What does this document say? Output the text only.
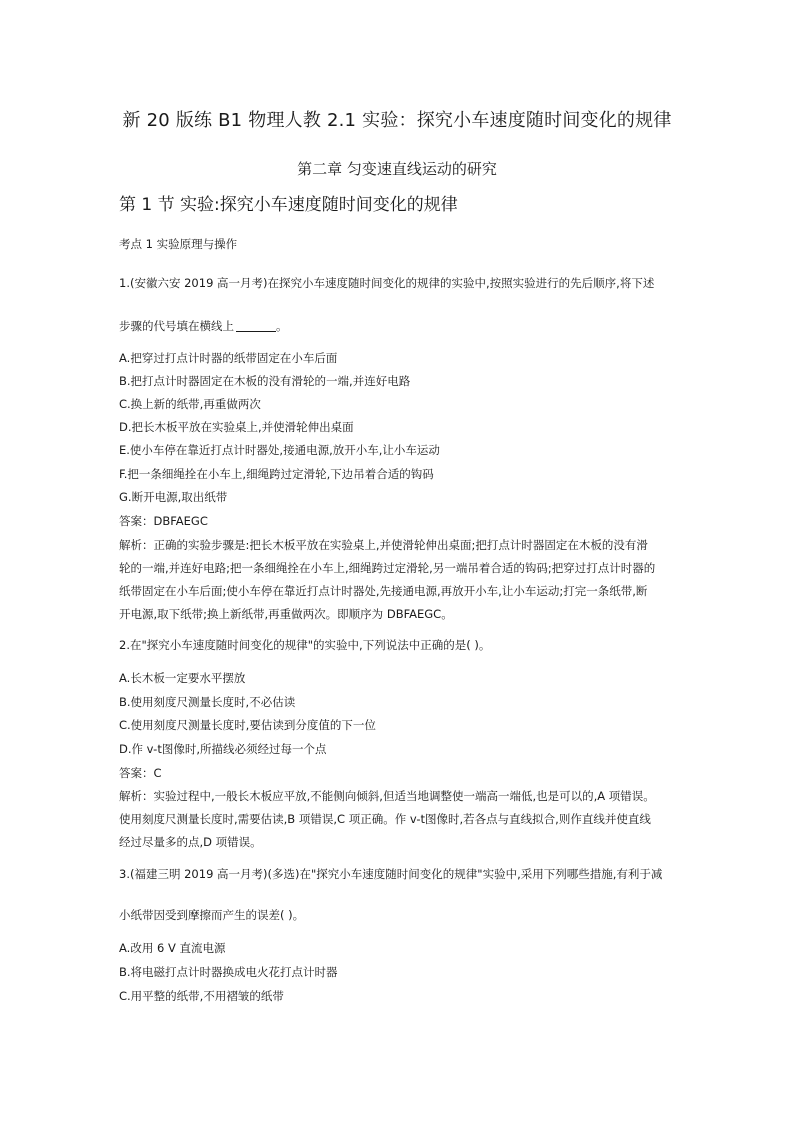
新 20 版练 B1 物理人教 2.1 实验：探究小车速度随时间变化的规律
第二章 匀变速直线运动的研究
第 1 节 实验:探究小车速度随时间变化的规律
考点 1 实验原理与操作
1.(安徽六安 2019 高一月考)在探究小车速度随时间变化的规律的实验中,按照实验进行的先后顺序,将下述
步骤的代号填在横线上	。
A.把穿过打点计时器的纸带固定在小车后面
B.把打点计时器固定在木板的没有滑轮的一端,并连好电路
C.换上新的纸带,再重做两次
D.把长木板平放在实验桌上,并使滑轮伸出桌面
E.使小车停在靠近打点计时器处,接通电源,放开小车,让小车运动
F.把一条细绳拴在小车上,细绳跨过定滑轮,下边吊着合适的钩码
G.断开电源,取出纸带
答案：DBFAEGC
解析：正确的实验步骤是:把长木板平放在实验桌上,并使滑轮伸出桌面;把打点计时器固定在木板的没有滑
轮的一端,并连好电路;把一条细绳拴在小车上,细绳跨过定滑轮,另一端吊着合适的钩码;把穿过打点计时器的
纸带固定在小车后面;使小车停在靠近打点计时器处,先接通电源,再放开小车,让小车运动;打完一条纸带,断
开电源,取下纸带;换上新纸带,再重做两次。即顺序为 DBFAEGC。
2.在"探究小车速度随时间变化的规律"的实验中,下列说法中正确的是( )。
A.长木板一定要水平摆放
B.使用刻度尺测量长度时,不必估读
C.使用刻度尺测量长度时,要估读到分度值的下一位
D.作 v-t图像时,所描线必须经过每一个点
答案：C
解析：实验过程中,一般长木板应平放,不能侧向倾斜,但适当地调整使一端高一端低,也是可以的,A 项错误。
使用刻度尺测量长度时,需要估读,B 项错误,C 项正确。作 v-t图像时,若各点与直线拟合,则作直线并使直线
经过尽量多的点,D 项错误。
3.(福建三明 2019 高一月考)(多选)在"探究小车速度随时间变化的规律"实验中,采用下列哪些措施,有利于减
小纸带因受到摩擦而产生的误差( )。
A.改用 6 V 直流电源
B.将电磁打点计时器换成电火花打点计时器
C.用平整的纸带,不用褶皱的纸带
